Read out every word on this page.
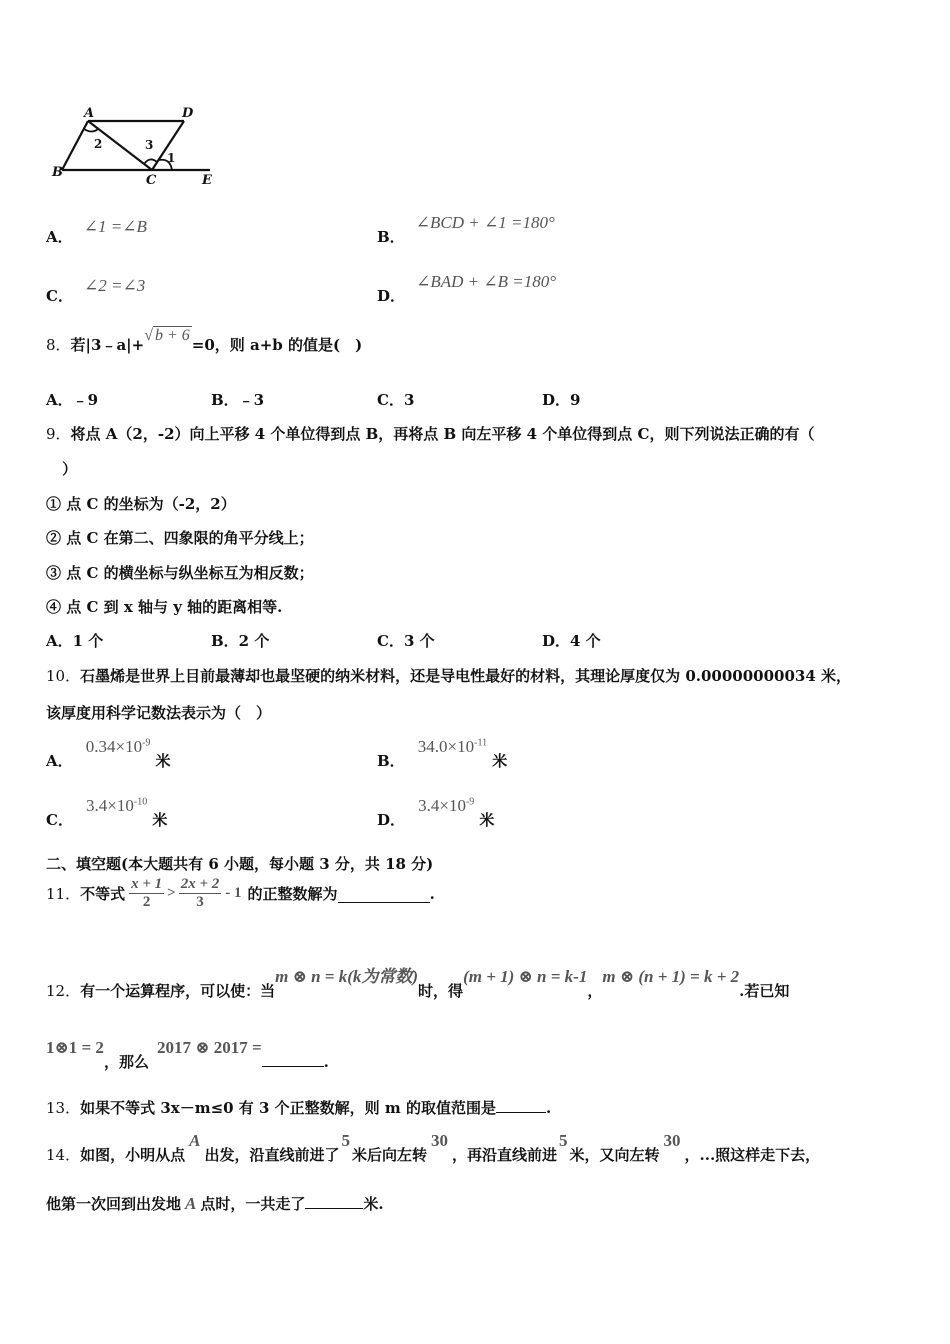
A	D
B
C	E
2	3
1
A． ∠1 =∠B
B． ∠BCD + ∠1 =180°
C． ∠2 =∠3
D． ∠BAD + ∠B =180°
8．若|3﹣a|+√ b + 6=0，则 a+b 的值是(　)
A．﹣9	B．﹣3	C．3	D．9
9．将点 A（2，-2）向上平移 4 个单位得到点 B，再将点 B 向左平移 4 个单位得到点 C，则下列说法正确的有（
）
① 点 C 的坐标为（-2，2）
② 点 C 在第二、四象限的角平分线上；
③ 点 C 的横坐标与纵坐标互为相反数；
④ 点 C 到 x 轴与 y 轴的距离相等.
A．1 个	B．2 个	C．3 个	D．4 个
10．石墨烯是世界上目前最薄却也最坚硬的纳米材料，还是导电性最好的材料，其理论厚度仅为 0.00000000034 米，
该厚度用科学记数法表示为（　）
A． $0.34\times 10^{-9}$ 米	B． $34.0\times 10^{-11}$ 米
C． $3.4\times 10^{-10}$ 米	D． $3.4\times 10^{-9}$ 米
二、填空题(本大题共有 6 小题，每小题 3 分，共 18 分)
11． 不等式 $\frac{x + 1}{2} > \frac{2x + 2}{3} - 1$ 的正整数解为	.
12．有一个运算程序，可以使：当m ⊗ n = k(k为常数)时，得(m + 1) ⊗ n = k-1，m ⊗ (n + 1) = k + 2.若已知
1⊗1 = 2，那么2017 ⊗ 2017 =.
13．如果不等式 3x－m≤0 有 3 个正整数解，则 m 的取值范围是	.
14．如图，小明从点A出发，沿直线前进了5米后向左转30，再沿直线前进5米，又向左转30，...照这样走下去，
他第一次回到出发地 A 点时，一共走了	米.
